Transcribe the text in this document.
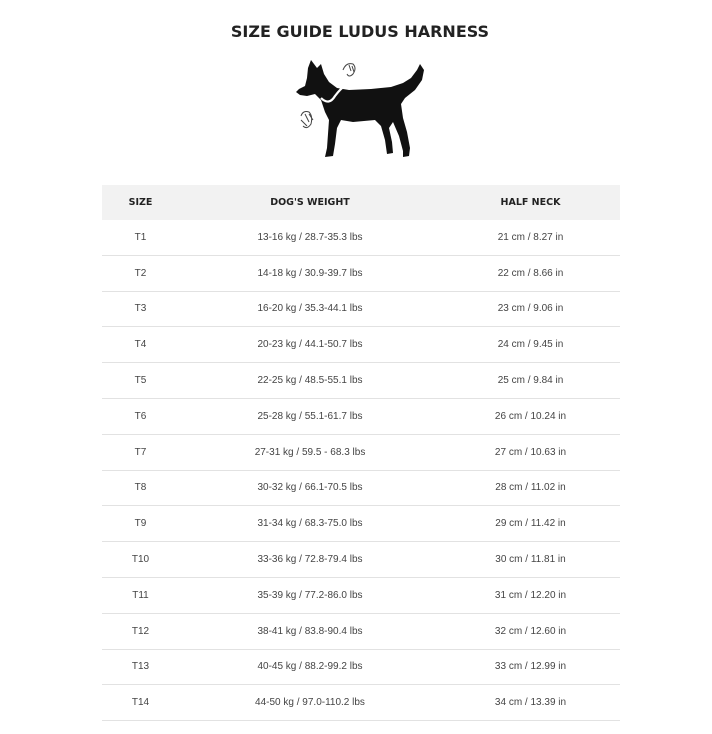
SIZE GUIDE LUDUS HARNESS
SIZE	DOG'S WEIGHT	HALF NECK
T1	13-16 kg / 28.7-35.3 lbs	21 cm / 8.27 in
T2	14-18 kg / 30.9-39.7 lbs	22 cm / 8.66 in
T3	16-20 kg / 35.3-44.1 lbs	23 cm / 9.06 in
T4	20-23 kg / 44.1-50.7 lbs	24 cm / 9.45 in
T5	22-25 kg / 48.5-55.1 lbs	25 cm / 9.84 in
T6	25-28 kg / 55.1-61.7 lbs	26 cm / 10.24 in
T7	27-31 kg / 59.5 - 68.3 lbs	27 cm / 10.63 in
T8	30-32 kg / 66.1-70.5 lbs	28 cm / 11.02 in
T9	31-34 kg / 68.3-75.0 lbs	29 cm / 11.42 in
T10	33-36 kg / 72.8-79.4 lbs	30 cm / 11.81 in
T11	35-39 kg / 77.2-86.0 lbs	31 cm / 12.20 in
T12	38-41 kg / 83.8-90.4 lbs	32 cm / 12.60 in
T13	40-45 kg / 88.2-99.2 lbs	33 cm / 12.99 in
T14	44-50 kg / 97.0-110.2 lbs	34 cm / 13.39 in
